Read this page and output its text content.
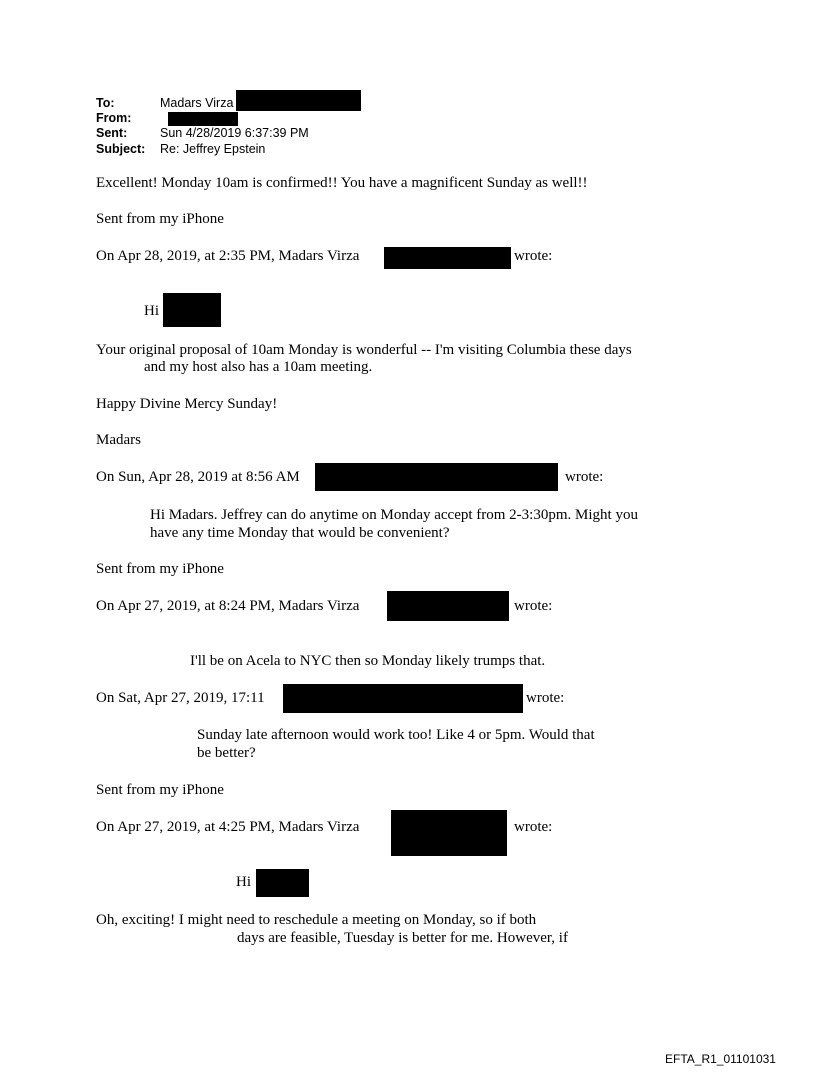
To:	Madars Virza
From:
Sent:	Sun 4/28/2019 6:37:39 PM
Subject: Re: Jeffrey Epstein
Excellent! Monday 10am is confirmed!! You have a magnificent Sunday as well!!
Sent from my iPhone
On Apr 28, 2019, at 2:35 PM, Madars Virza	wrote:
Hi
Your original proposal of 10am Monday is wonderful -- I'm visiting Columbia these days
and my host also has a 10am meeting.
Happy Divine Mercy Sunday!
Madars
On Sun, Apr 28, 2019 at 8:56 AM	wrote:
Hi Madars. Jeffrey can do anytime on Monday accept from 2-3:30pm. Might you
have any time Monday that would be convenient?
Sent from my iPhone
On Apr 27, 2019, at 8:24 PM, Madars Virza	wrote:
I'll be on Acela to NYC then so Monday likely trumps that.
On Sat, Apr 27, 2019, 17:11	wrote:
Sunday late afternoon would work too! Like 4 or 5pm. Would that
be better?
Sent from my iPhone
On Apr 27, 2019, at 4:25 PM, Madars Virza	wrote:
Hi
Oh, exciting! I might need to reschedule a meeting on Monday, so if both
days are feasible, Tuesday is better for me. However, if
EFTA_R1_01101031
